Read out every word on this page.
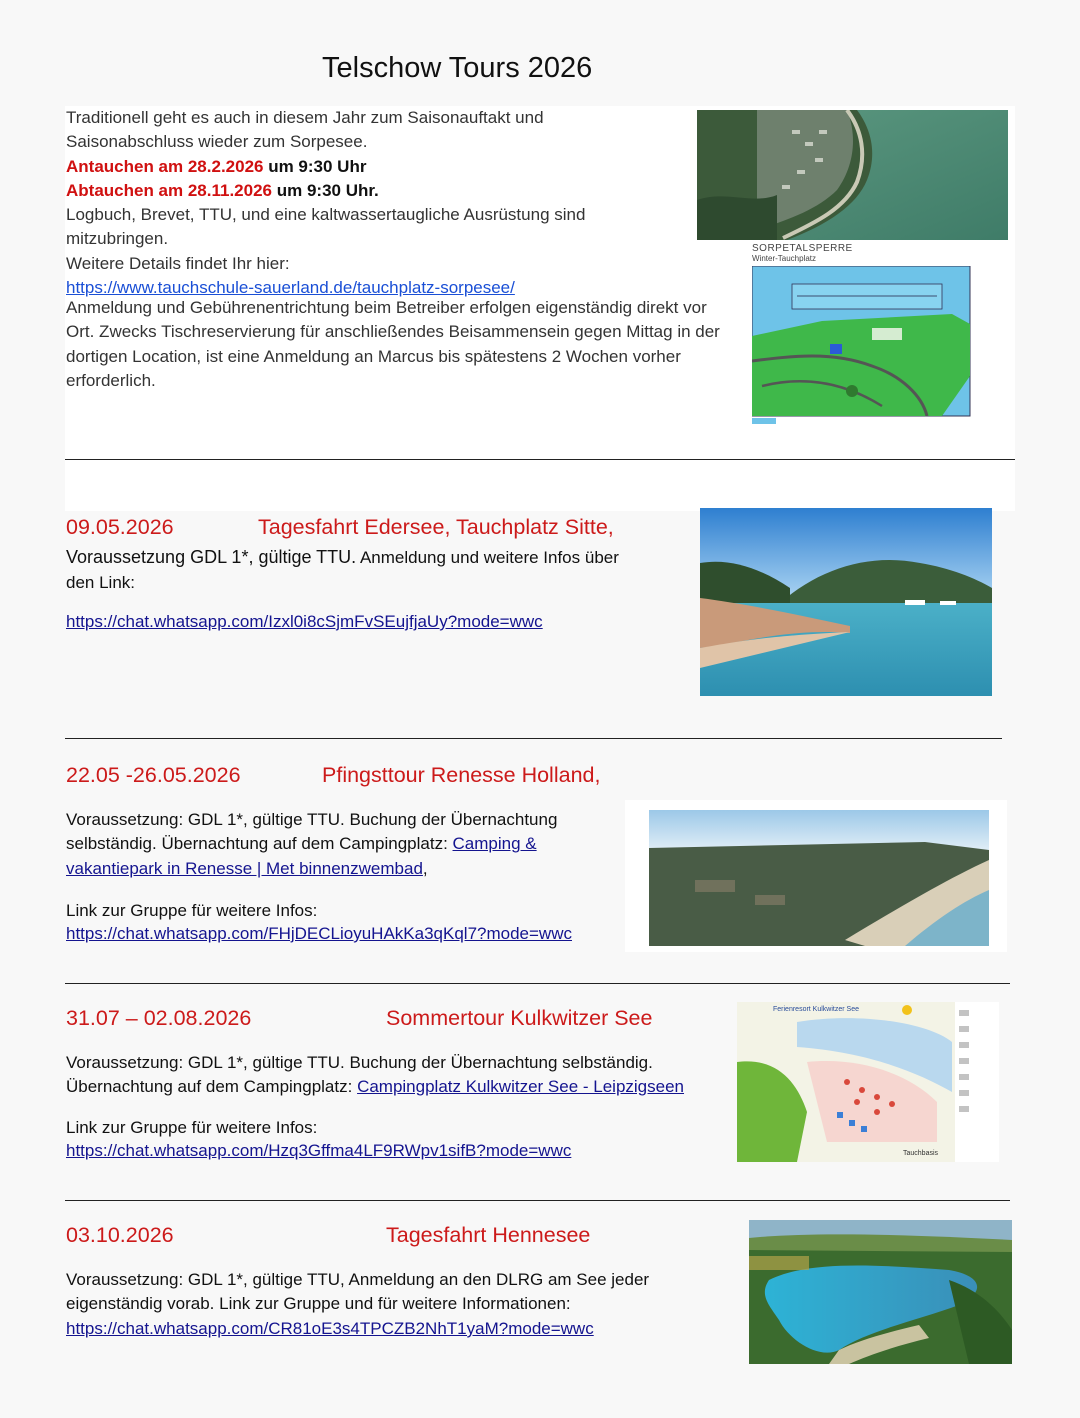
Telschow Tours 2026
Traditionell geht es auch in diesem Jahr zum Saisonauftakt und
Saisonabschluss wieder zum Sorpesee.
Antauchen am 28.2.2026 um 9:30 Uhr
Abtauchen am 28.11.2026 um 9:30 Uhr.
Logbuch, Brevet, TTU, und eine kaltwassertaugliche Ausrüstung sind
mitzubringen.
Weitere Details findet Ihr hier:
https://www.tauchschule-sauerland.de/tauchplatz-sorpesee/
Anmeldung und Gebührenentrichtung beim Betreiber erfolgen eigenständig direkt vor
Ort. Zwecks Tischreservierung für anschließendes Beisammensein gegen Mittag in der
dortigen Location, ist eine Anmeldung an Marcus bis spätestens 2 Wochen vorher
erforderlich.
SORPETALSPERRE
Winter-Tauchplatz
09.05.2026	Tagesfahrt Edersee, Tauchplatz Sitte,
Voraussetzung GDL 1*, gültige TTU. Anmeldung und weitere Infos über
den Link:
https://chat.whatsapp.com/Izxl0i8cSjmFvSEujfjaUy?mode=wwc
22.05 -26.05.2026	Pfingsttour Renesse Holland,
Voraussetzung: GDL 1*, gültige TTU. Buchung der Übernachtung
selbständig. Übernachtung auf dem Campingplatz: Camping &
vakantiepark in Renesse | Met binnenzwembad,
Link zur Gruppe für weitere Infos:
https://chat.whatsapp.com/FHjDECLioyuHAkKa3qKql7?mode=wwc
31.07 – 02.08.2026	Sommertour Kulkwitzer See
Voraussetzung: GDL 1*, gültige TTU. Buchung der Übernachtung selbständig.
Übernachtung auf dem Campingplatz: Campingplatz Kulkwitzer See - Leipzigseen
Link zur Gruppe für weitere Infos:
https://chat.whatsapp.com/Hzq3Gffma4LF9RWpv1sifB?mode=wwc
Ferienresort Kulkwitzer See
Tauchbasis
03.10.2026	Tagesfahrt Hennesee
Voraussetzung: GDL 1*, gültige TTU, Anmeldung an den DLRG am See jeder
eigenständig vorab. Link zur Gruppe und für weitere Informationen:
https://chat.whatsapp.com/CR81oE3s4TPCZB2NhT1yaM?mode=wwc
